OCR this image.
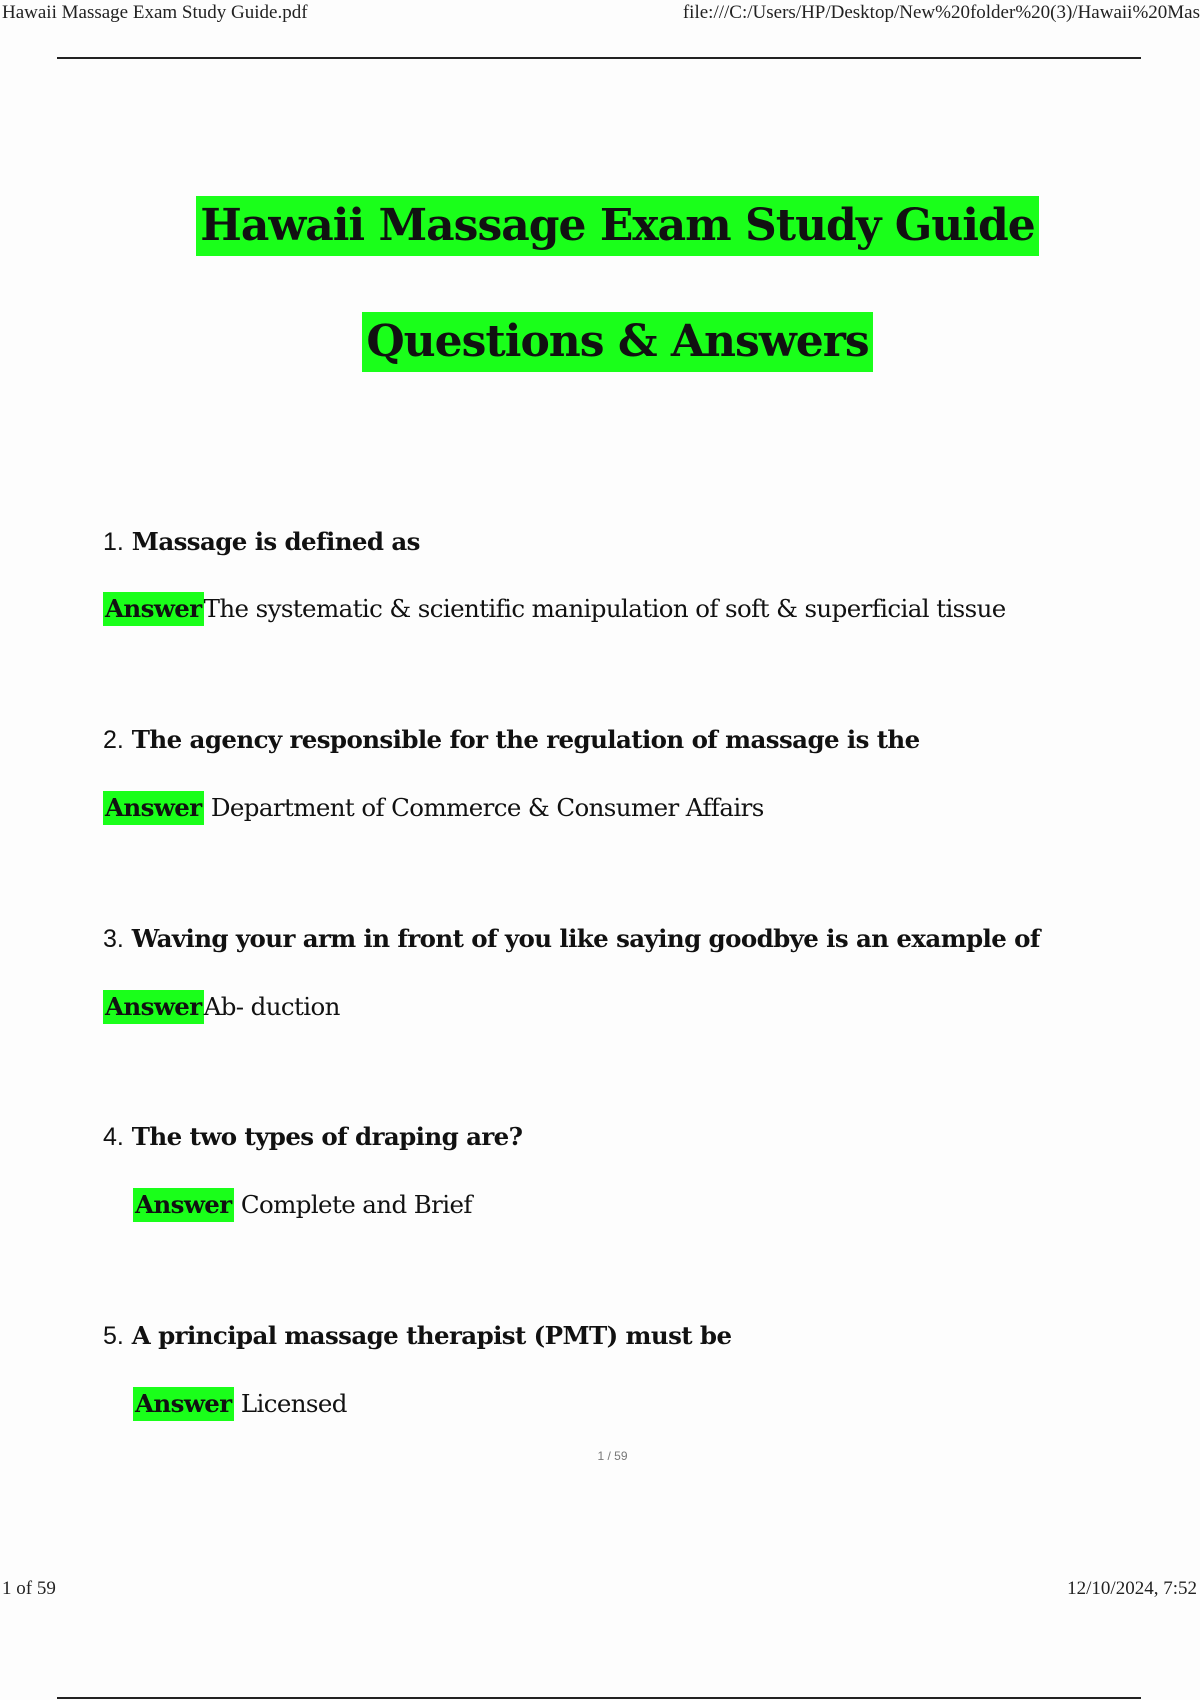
Hawaii Massage Exam Study Guide.pdf	file:///C:/Users/HP/Desktop/New%20folder%20(3)/Hawaii%20Mas
Hawaii Massage Exam Study Guide
Questions & Answers
1. Massage is defined as
AnswerThe systematic & scientific manipulation of soft & superficial tissue
2. The agency responsible for the regulation of massage is the
Answer Department of Commerce & Consumer Affairs
3. Waving your arm in front of you like saying goodbye is an example of
AnswerAb- duction
4. The two types of draping are?
Answer Complete and Brief
5. A principal massage therapist (PMT) must be
Answer Licensed
1 / 59
1 of 59	12/10/2024, 7:52
